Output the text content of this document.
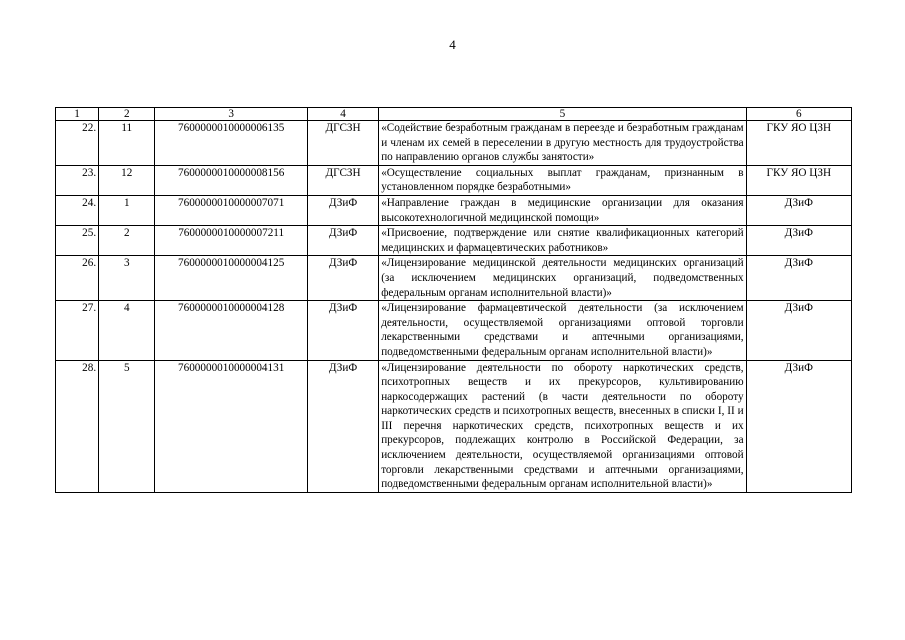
4
1	2	3	4	5	6
22.	11	7600000010000006135	ДГСЗН	«Содействие безработным гражданам в переезде и безработным гражданам и членам их семей в переселении в другую местность для трудоустройства по направлению органов службы занятости»	ГКУ ЯО ЦЗН
23.	12	7600000010000008156	ДГСЗН	«Осуществление социальных выплат гражданам, признанным в установленном порядке безработными»	ГКУ ЯО ЦЗН
24.	1	7600000010000007071	ДЗиФ	«Направление граждан в медицинские организации для оказания высокотехнологичной медицинской помощи»	ДЗиФ
25.	2	7600000010000007211	ДЗиФ	«Присвоение, подтверждение или снятие квалификационных категорий медицинских и фармацевтических работников»	ДЗиФ
26.	3	7600000010000004125	ДЗиФ	«Лицензирование медицинской деятельности медицинских организаций (за исключением медицинских организаций, подведомственных федеральным органам исполнительной власти)»	ДЗиФ
27.	4	7600000010000004128	ДЗиФ	«Лицензирование фармацевтической деятельности (за исключением деятельности, осуществляемой организациями оптовой торговли лекарственными средствами и аптечными организациями, подведомственными федеральным органам исполнительной власти)»	ДЗиФ
28.	5	7600000010000004131	ДЗиФ	«Лицензирование деятельности по обороту наркотических средств, психотропных веществ и их прекурсоров, культивированию наркосодержащих растений (в части деятельности по обороту наркотических средств и психотропных веществ, внесенных в списки I, II и III перечня наркотических средств, психотропных веществ и их прекурсоров, подлежащих контролю в Российской Федерации, за исключением деятельности, осуществляемой организациями оптовой торговли лекарственными средствами и аптечными организациями, подведомственными федеральным органам исполнительной власти)»	ДЗиФ
